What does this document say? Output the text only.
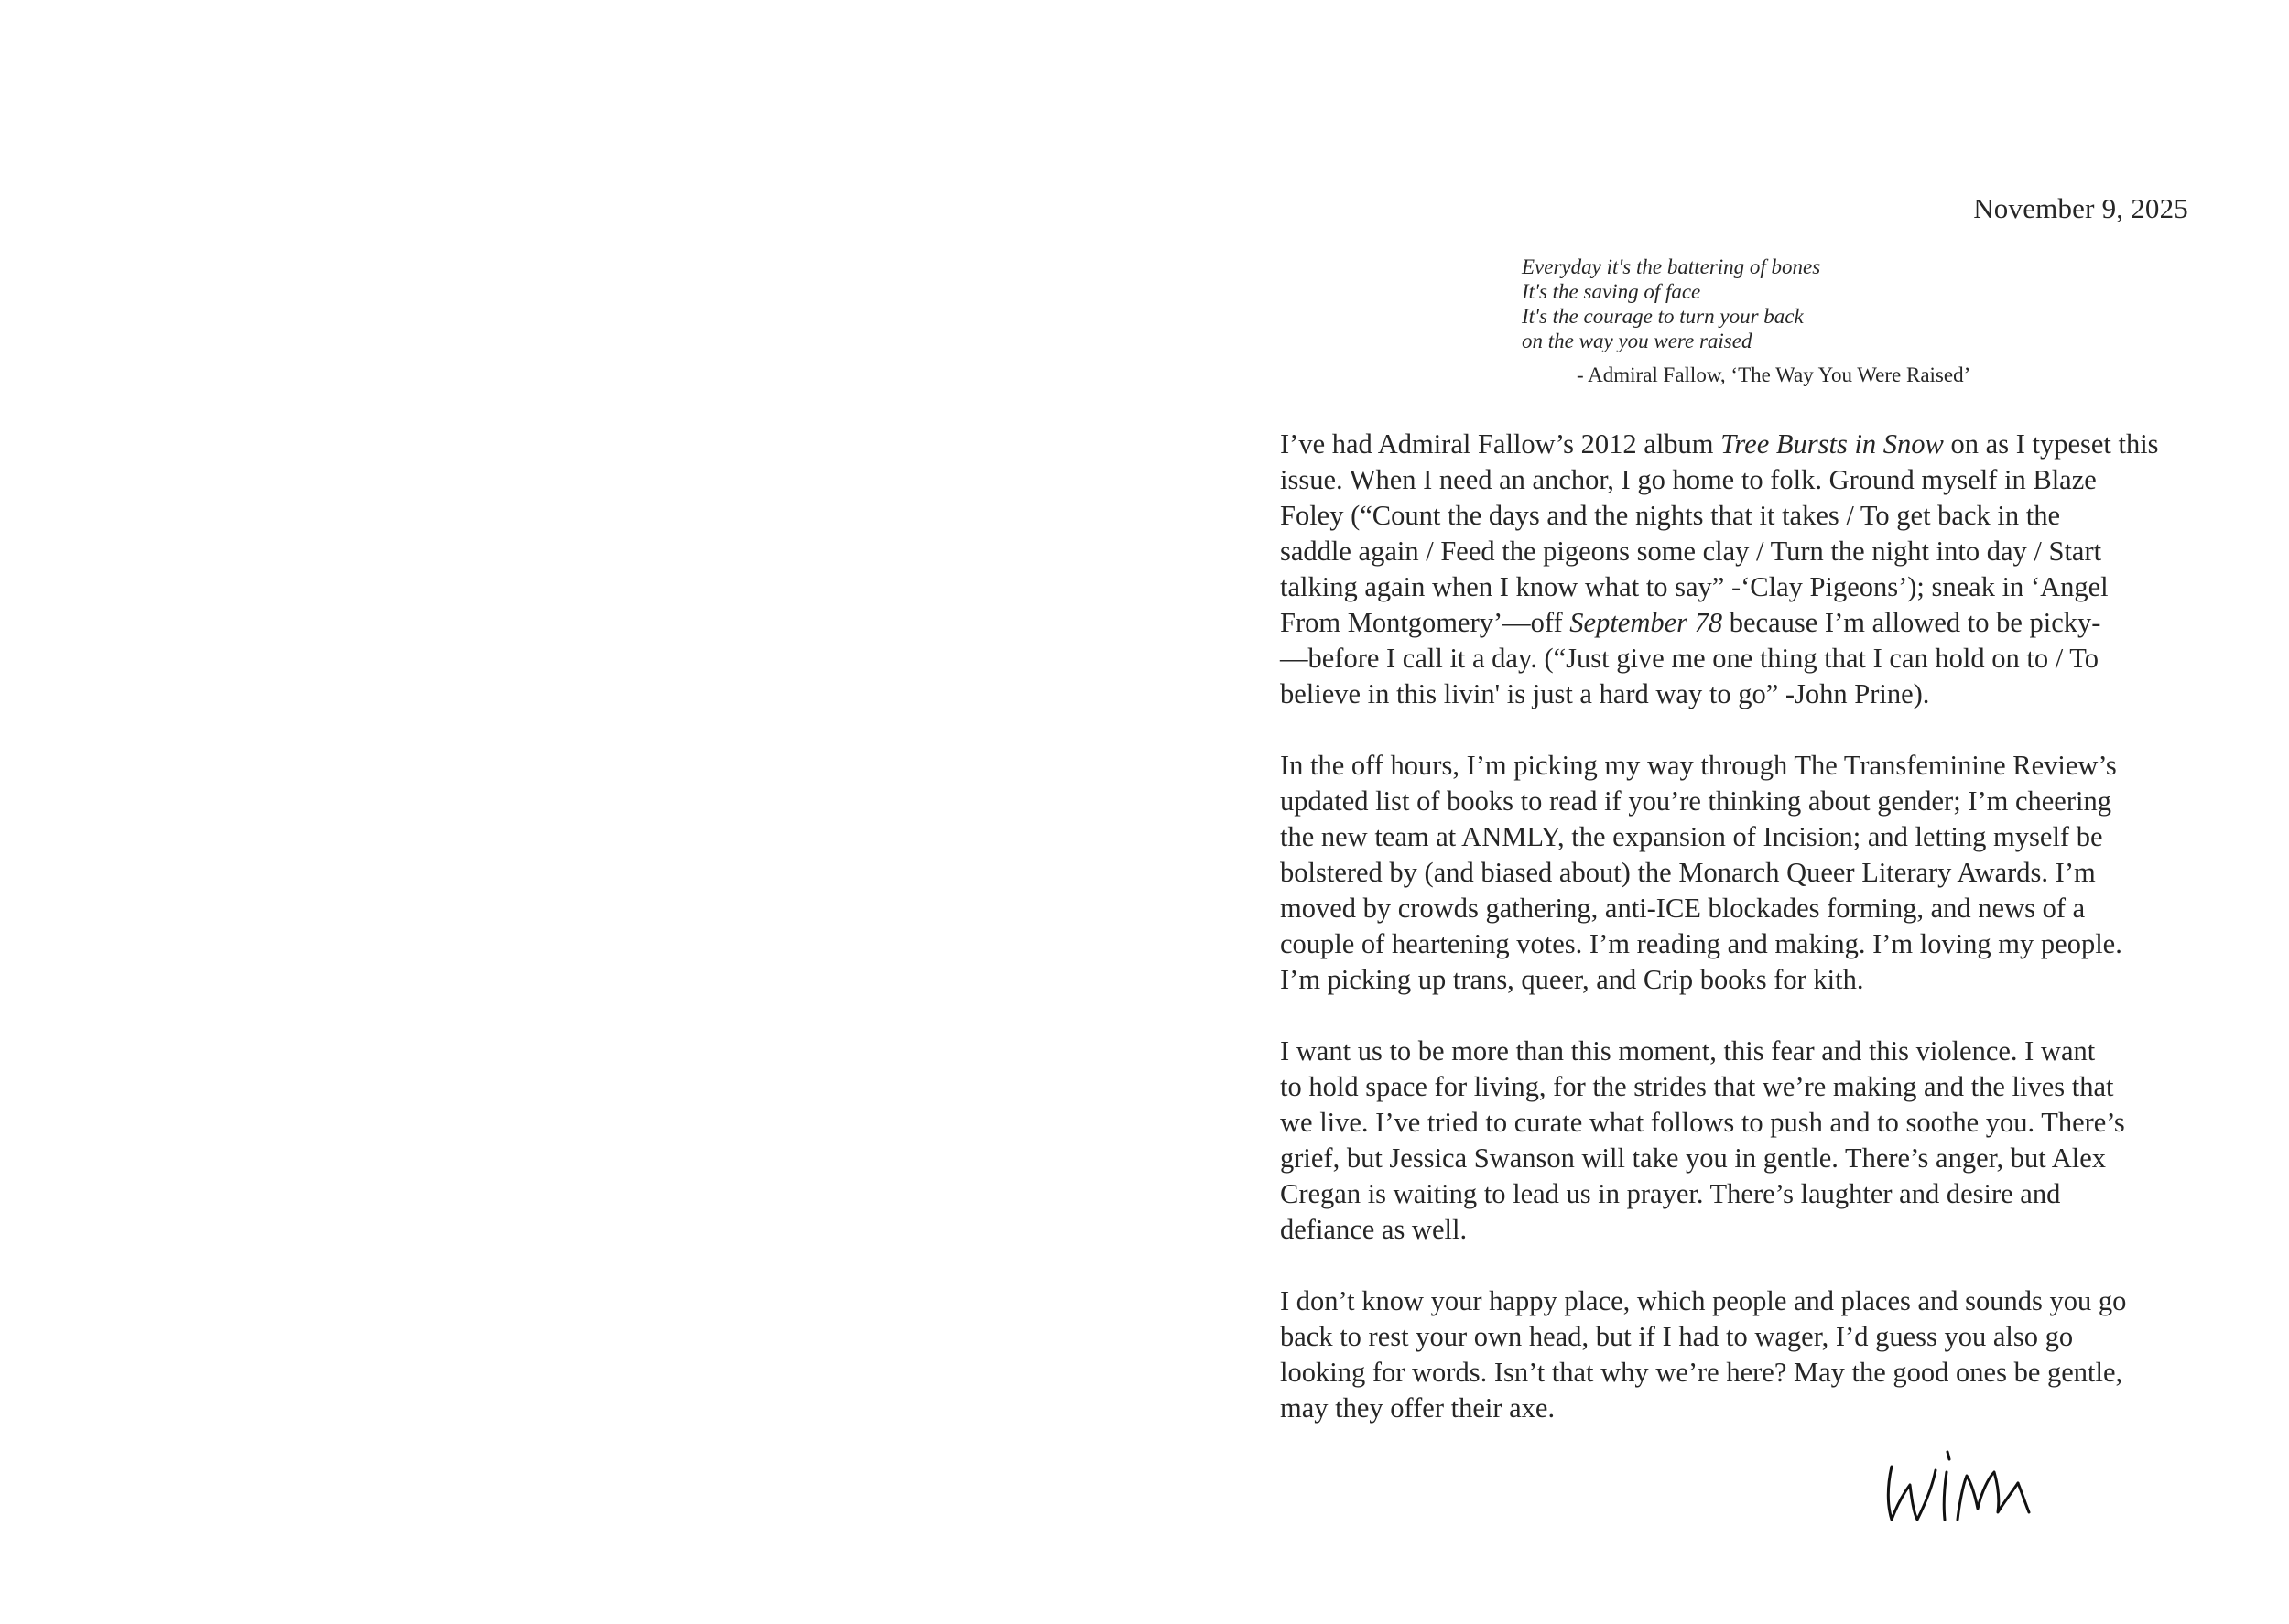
November 9, 2025
Everyday it's the battering of bones
It's the saving of face
It's the courage to turn your back
on the way you were raised
- Admiral Fallow, ‘The Way You Were Raised’

I’ve had Admiral Fallow’s 2012 album Tree Bursts in Snow on as I typeset this
issue. When I need an anchor, I go home to folk. Ground myself in Blaze
Foley (“Count the days and the nights that it takes / To get back in the
saddle again / Feed the pigeons some clay / Turn the night into day / Start
talking again when I know what to say” -‘Clay Pigeons’); sneak in ‘Angel
From Montgomery’—off September 78 because I’m allowed to be picky-
—before I call it a day. (“Just give me one thing that I can hold on to / To
believe in this livin' is just a hard way to go” -John Prine).

In the off hours, I’m picking my way through The Transfeminine Review’s
updated list of books to read if you’re thinking about gender; I’m cheering
the new team at ANMLY, the expansion of Incision; and letting myself be
bolstered by (and biased about) the Monarch Queer Literary Awards. I’m
moved by crowds gathering, anti-ICE blockades forming, and news of a
couple of heartening votes. I’m reading and making. I’m loving my people.
I’m picking up trans, queer, and Crip books for kith.

I want us to be more than this moment, this fear and this violence. I want
to hold space for living, for the strides that we’re making and the lives that
we live. I’ve tried to curate what follows to push and to soothe you. There’s
grief, but Jessica Swanson will take you in gentle. There’s anger, but Alex
Cregan is waiting to lead us in prayer. There’s laughter and desire and
defiance as well.

I don’t know your happy place, which people and places and sounds you go
back to rest your own head, but if I had to wager, I’d guess you also go
looking for words. Isn’t that why we’re here? May the good ones be gentle,
may they offer their axe.
